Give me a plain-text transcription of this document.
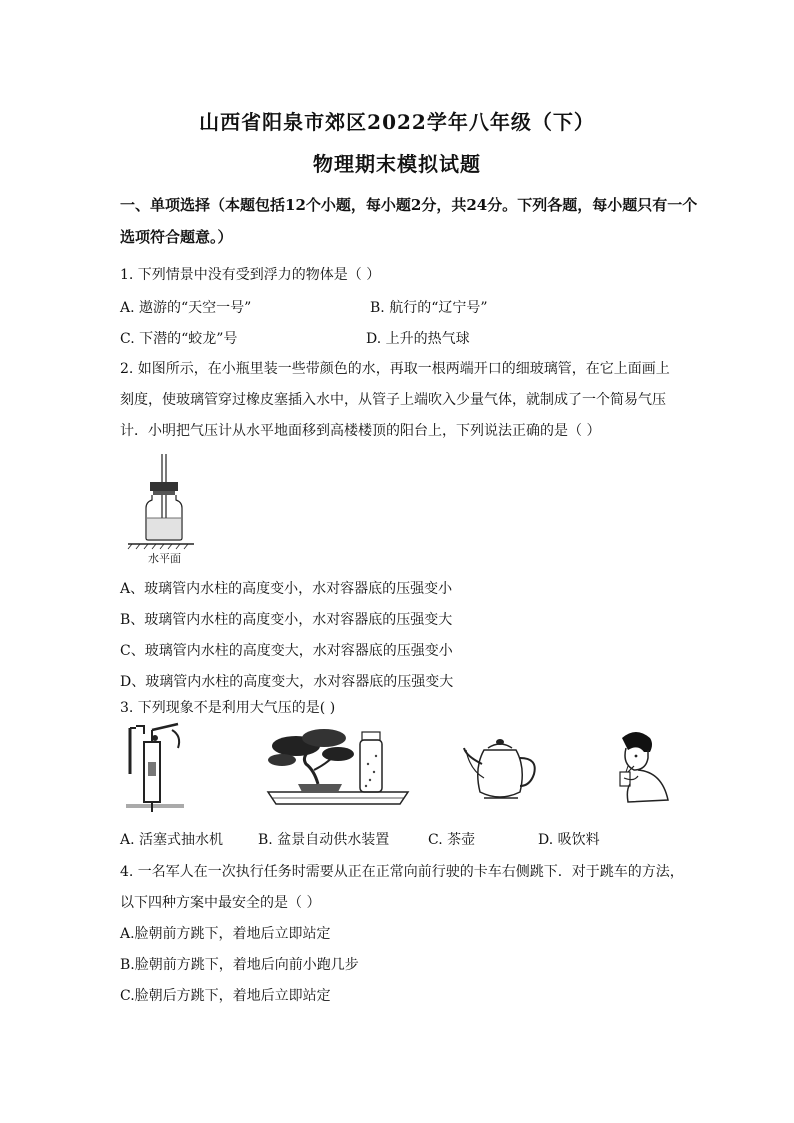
山西省阳泉市郊区2022学年八年级（下）
物理期末模拟试题
一、单项选择（本题包括12个小题，每小题2分，共24分。下列各题，每小题只有一个
选项符合题意。）
1. 下列情景中没有受到浮力的物体是（ ）
A. 遨游的“天空一号”	B. 航行的“辽宁号”
C. 下潜的“蛟龙”号	D. 上升的热气球
2. 如图所示，在小瓶里装一些带颜色的水，再取一根两端开口的细玻璃管，在它上面画上
刻度，使玻璃管穿过橡皮塞插入水中，从管子上端吹入少量气体，就制成了一个简易气压
计．小明把气压计从水平地面移到高楼楼顶的阳台上，下列说法正确的是（ ）
水平面
A、玻璃管内水柱的高度变小，水对容器底的压强变小
B、玻璃管内水柱的高度变小，水对容器底的压强变大
C、玻璃管内水柱的高度变大，水对容器底的压强变小
D、玻璃管内水柱的高度变大，水对容器底的压强变大
3. 下列现象不是利用大气压的是( )
A. 活塞式抽水机 B. 盆景自动供水装置	C. 茶壶	D. 吸饮料
4. 一名军人在一次执行任务时需要从正在正常向前行驶的卡车右侧跳下．对于跳车的方法，
以下四种方案中最安全的是（ ）
A.脸朝前方跳下，着地后立即站定
B.脸朝前方跳下，着地后向前小跑几步
C.脸朝后方跳下，着地后立即站定
